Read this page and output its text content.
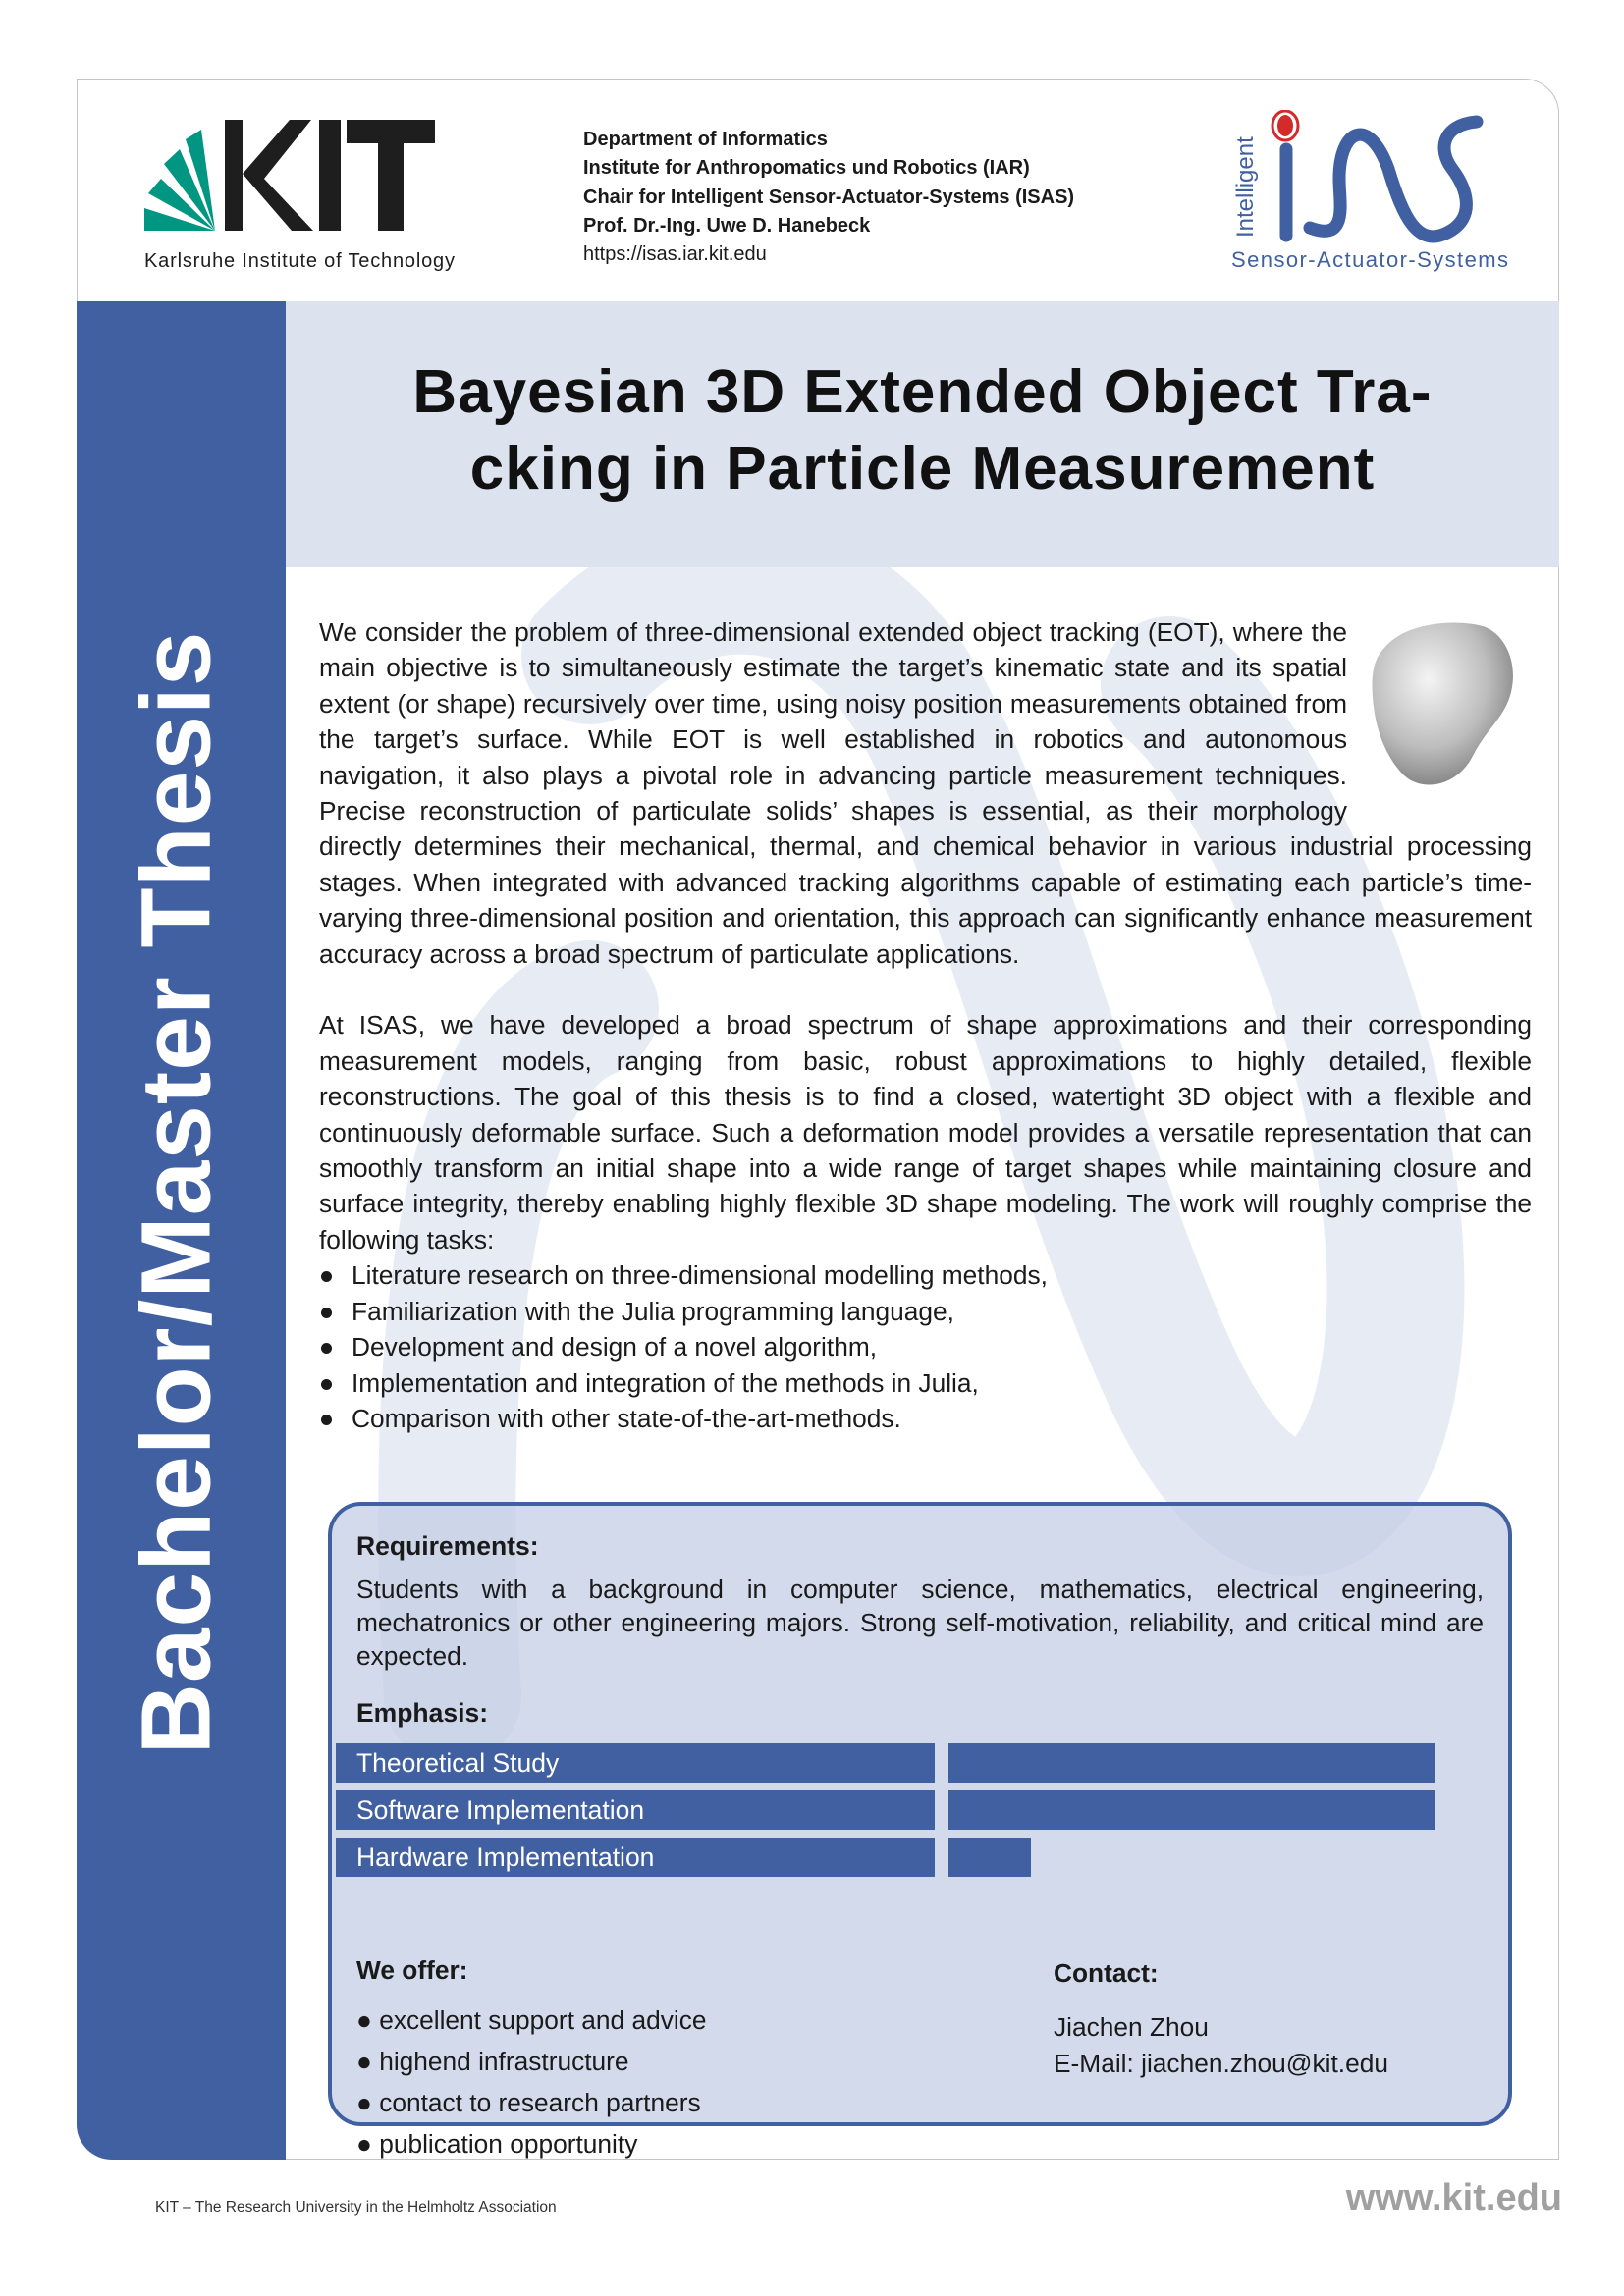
Karlsruhe Institute of Technology
Department of Informatics
Institute for Anthropomatics und Robotics (IAR)
Chair for Intelligent Sensor-Actuator-Systems (ISAS)
Prof. Dr.-Ing. Uwe D. Hanebeck
https://isas.iar.kit.edu
Intelligent
Sensor-Actuator-Systems
Bachelor/Master Thesis
Bayesian 3D Extended Object Tra-
cking in Particle Measurement

We consider the problem of three-dimensional extended object tracking (EOT), where the main objective is to simultaneously estimate the target’s kinematic state and its spatial extent (or shape) recursively over time, using noisy position measurements obtained from the target’s surface. While EOT is well established in robotics and autonomous navigation, it also plays a pivotal role in advancing particle measurement techniques. Precise reconstruction of particulate solids’ shapes is essential, as their morphology directly determines their mechanical, thermal, and chemical behavior in various industrial processing stages. When integrated with advanced tracking algorithms capable of estimating each particle’s time-varying three-dimensional position and orientation, this approach can significantly enhance measurement accuracy across a broad spectrum of particulate applications.

At ISAS, we have developed a broad spectrum of shape approximations and their corresponding measurement models, ranging from basic, robust approximations to highly detailed, flexible reconstructions. The goal of this thesis is to find a closed, watertight 3D object with a flexible and continuously deformable surface. Such a deformation model provides a versatile representation that can smoothly transform an initial shape into a wide range of target shapes while maintaining closure and surface integrity, thereby enabling highly flexible 3D shape modeling. The work will roughly comprise the following tasks:

Literature research on three-dimensional modelling methods,
Familiarization with the Julia programming language,
Development and design of a novel algorithm,
Implementation and integration of the methods in Julia,
Comparison with other state-of-the-art-methods.
Requirements:
Students with a background in computer science, mathematics, electrical engineering, mechatronics or other engineering majors. Strong self-motivation, reliability, and critical mind are expected.
Emphasis:
Theoretical Study
Software Implementation
Hardware Implementation
We offer:
● excellent support and advice
● highend infrastructure
● contact to research partners
● publication opportunity
Contact:
Jiachen Zhou
E-Mail: jiachen.zhou@kit.edu
KIT – The Research University in the Helmholtz Association	www.kit.edu
